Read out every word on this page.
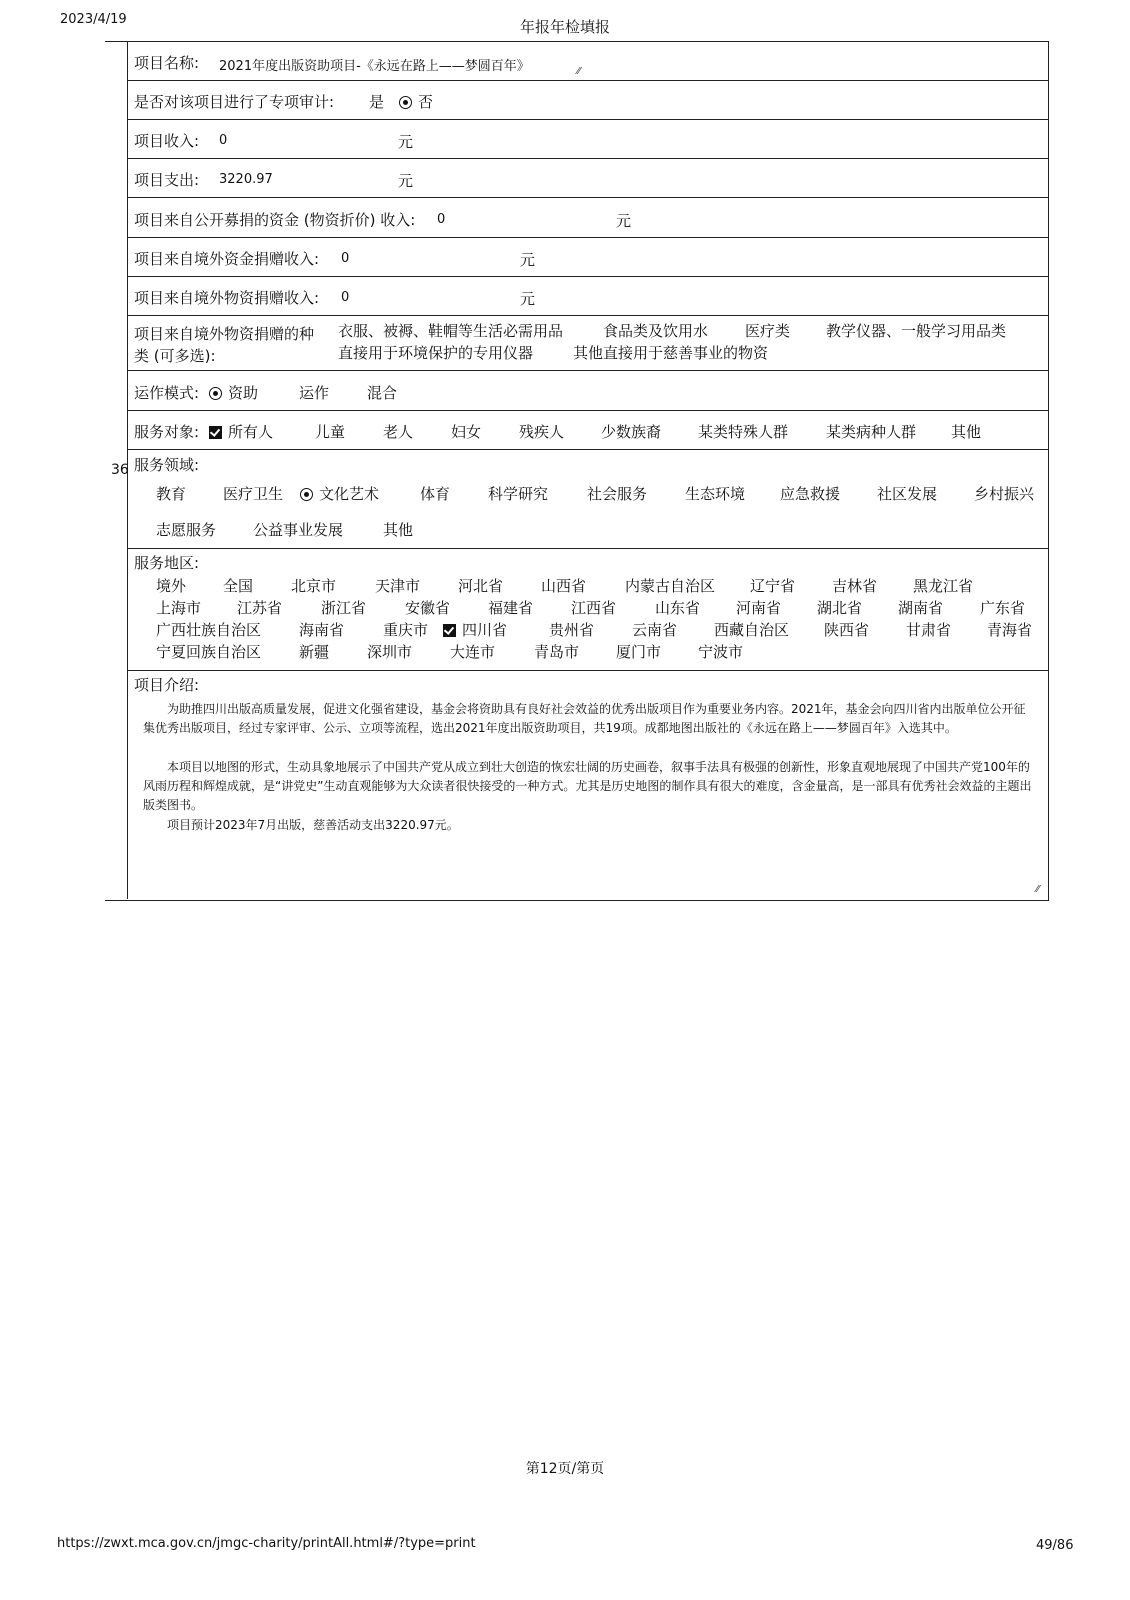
2023/4/19	年报年检填报
36
项目名称: 2021年度出版资助项目-《永远在路上——梦圆百年》	⁄⁄
是否对该项目进行了专项审计: 是	否
项目收入: 0	元
项目支出: 3220.97	元
项目来自公开募捐的资金 (物资折价) 收入: 0	元
项目来自境外资金捐赠收入: 0	元
项目来自境外物资捐赠收入: 0	元
项目来自境外物资捐赠的种
类 (可多选):
衣服、被褥、鞋帽等生活必需用品	食品类及饮用水 医疗类 教学仪器、一般学习用品类
直接用于环境保护的专用仪器	其他直接用于慈善事业的物资
运作模式:	资助	运作	混合
服务对象:	所有人	儿童	老人	妇女	残疾人 少数族裔 某类特殊人群	某类病种人群 其他
服务领域:
教育 医疗卫生	文化艺术	体育	科学研究	社会服务	生态环境 应急救援 社区发展 乡村振兴
志愿服务 公益事业发展	其他
服务地区:
境外 全国	北京市	天津市	河北省	山西省	内蒙古自治区 辽宁省 吉林省 黑龙江省
上海市 江苏省	浙江省	安徽省	福建省	江西省	山东省 河南省 湖北省 湖南省 广东省
广西壮族自治区	海南省	重庆市	四川省	贵州省	云南省 西藏自治区 陕西省 甘肃省 青海省
宁夏回族自治区	新疆	深圳市	大连市	青岛市 厦门市 宁波市
项目介绍:

为助推四川出版高质量发展，促进文化强省建设，基金会将资助具有良好社会效益的优秀出版项目作为重要业务内容。2021年，基金会向四川省内出版单位公开征集优秀出版项目，经过专家评审、公示、立项等流程，选出2021年度出版资助项目，共19项。成都地图出版社的《永远在路上——梦圆百年》入选其中。

本项目以地图的形式，生动具象地展示了中国共产党从成立到壮大创造的恢宏壮阔的历史画卷，叙事手法具有极强的创新性，形象直观地展现了中国共产党100年的风雨历程和辉煌成就，是“讲党史”生动直观能够为大众读者很快接受的一种方式。尤其是历史地图的制作具有很大的难度，含金量高，是一部具有优秀社会效益的主题出版类图书。

项目预计2023年7月出版，慈善活动支出3220.97元。

⁄⁄
第12页/第页
https://zwxt.mca.gov.cn/jmgc-charity/printAll.html#/?type=print	49/86
